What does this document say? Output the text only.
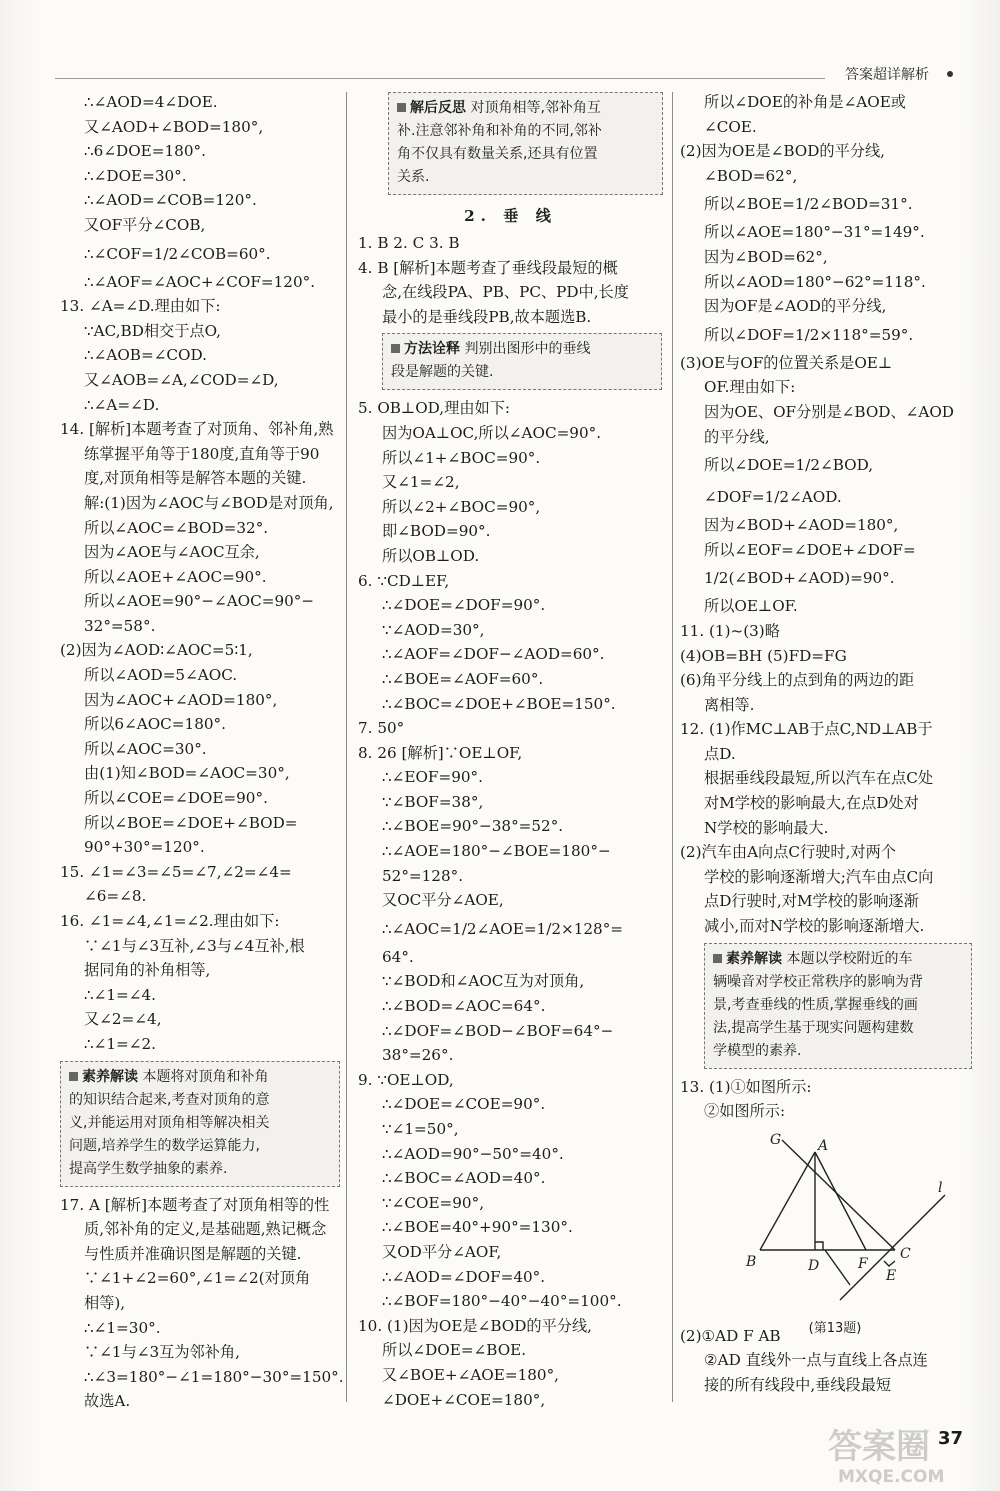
答案超详解析
∴∠AOD=4∠DOE.
又∠AOD+∠BOD=180°,
∴6∠DOE=180°.
∴∠DOE=30°.
∴∠AOD=∠COB=120°.
又OF平分∠COB,
∴∠COF=1/2∠COB=60°.
∴∠AOF=∠AOC+∠COF=120°.
13. ∠A=∠D.理由如下:
∵AC,BD相交于点O,
∴∠AOB=∠COD.
又∠AOB=∠A,∠COD=∠D,
∴∠A=∠D.
14. [解析]本题考查了对顶角、邻补角,熟
练掌握平角等于180度,直角等于90
度,对顶角相等是解答本题的关键.
解:(1)因为∠AOC与∠BOD是对顶角,
所以∠AOC=∠BOD=32°.
因为∠AOE与∠AOC互余,
所以∠AOE+∠AOC=90°.
所以∠AOE=90°−∠AOC=90°−
32°=58°.
(2)因为∠AOD∶∠AOC=5∶1,
所以∠AOD=5∠AOC.
因为∠AOC+∠AOD=180°,
所以6∠AOC=180°.
所以∠AOC=30°.
由(1)知∠BOD=∠AOC=30°,
所以∠COE=∠DOE=90°.
所以∠BOE=∠DOE+∠BOD=
90°+30°=120°.
15. ∠1=∠3=∠5=∠7,∠2=∠4=
∠6=∠8.
16. ∠1=∠4,∠1=∠2.理由如下:
∵∠1与∠3互补,∠3与∠4互补,根
据同角的补角相等,
∴∠1=∠4.
又∠2=∠4,
∴∠1=∠2.
素养解读 本题将对顶角和补角
的知识结合起来,考查对顶角的意
义,并能运用对顶角相等解决相关
问题,培养学生的数学运算能力,
提高学生数学抽象的素养.
17. A [解析]本题考查了对顶角相等的性
质,邻补角的定义,是基础题,熟记概念
与性质并准确识图是解题的关键.
∵∠1+∠2=60°,∠1=∠2(对顶角
相等),
∴∠1=30°.
∵∠1与∠3互为邻补角,
∴∠3=180°−∠1=180°−30°=150°.
故选A.
解后反思 对顶角相等,邻补角互
补.注意邻补角和补角的不同,邻补
角不仅具有数量关系,还具有位置
关系.
2. 垂 线
1. B 2. C 3. B
4. B [解析]本题考查了垂线段最短的概
念,在线段PA、PB、PC、PD中,长度
最小的是垂线段PB,故本题选B.
方法诠释 判别出图形中的垂线
段是解题的关键.
5. OB⊥OD,理由如下:
因为OA⊥OC,所以∠AOC=90°.
所以∠1+∠BOC=90°.
又∠1=∠2,
所以∠2+∠BOC=90°,
即∠BOD=90°.
所以OB⊥OD.
6. ∵CD⊥EF,
∴∠DOE=∠DOF=90°.
∵∠AOD=30°,
∴∠AOF=∠DOF−∠AOD=60°.
∴∠BOE=∠AOF=60°.
∴∠BOC=∠DOE+∠BOE=150°.
7. 50°
8. 26 [解析]∵OE⊥OF,
∴∠EOF=90°.
∵∠BOF=38°,
∴∠BOE=90°−38°=52°.
∴∠AOE=180°−∠BOE=180°−
52°=128°.
又OC平分∠AOE,
∴∠AOC=1/2∠AOE=1/2×128°=
64°.
∵∠BOD和∠AOC互为对顶角,
∴∠BOD=∠AOC=64°.
∴∠DOF=∠BOD−∠BOF=64°−
38°=26°.
9. ∵OE⊥OD,
∴∠DOE=∠COE=90°.
∵∠1=50°,
∴∠AOD=90°−50°=40°.
∴∠BOC=∠AOD=40°.
∵∠COE=90°,
∴∠BOE=40°+90°=130°.
又OD平分∠AOF,
∴∠AOD=∠DOF=40°.
∴∠BOF=180°−40°−40°=100°.
10. (1)因为OE是∠BOD的平分线,
所以∠DOE=∠BOE.
又∠BOE+∠AOE=180°,
∠DOE+∠COE=180°,
所以∠DOE的补角是∠AOE或
∠COE.
(2)因为OE是∠BOD的平分线,
∠BOD=62°,
所以∠BOE=1/2∠BOD=31°.
所以∠AOE=180°−31°=149°.
因为∠BOD=62°,
所以∠AOD=180°−62°=118°.
因为OF是∠AOD的平分线,
所以∠DOF=1/2×118°=59°.
(3)OE与OF的位置关系是OE⊥
OF.理由如下:
因为OE、OF分别是∠BOD、∠AOD
的平分线,
所以∠DOE=1/2∠BOD,
∠DOF=1/2∠AOD.
因为∠BOD+∠AOD=180°,
所以∠EOF=∠DOE+∠DOF=
1/2(∠BOD+∠AOD)=90°.
所以OE⊥OF.
11. (1)~(3)略
(4)OB=BH (5)FD=FG
(6)角平分线上的点到角的两边的距
离相等.
12. (1)作MC⊥AB于点C,ND⊥AB于
点D.
根据垂线段最短,所以汽车在点C处
对M学校的影响最大,在点D处对
N学校的影响最大.
(2)汽车由A向点C行驶时,对两个
学校的影响逐渐增大;汽车由点C向
点D行驶时,对M学校的影响逐渐
减小,而对N学校的影响逐渐增大.
素养解读 本题以学校附近的车
辆噪音对学校正常秩序的影响为背
景,考查垂线的性质,掌握垂线的画
法,提高学生基于现实问题构建数
学模型的素养.
13. (1)①如图所示:
②如图所示:
G	A
l
B	D	F
C
E
(第13题)
(2)①AD F AB
②AD 直线外一点与直线上各点连
接的所有线段中,垂线段最短
37
答案圈
MXQE.COM
